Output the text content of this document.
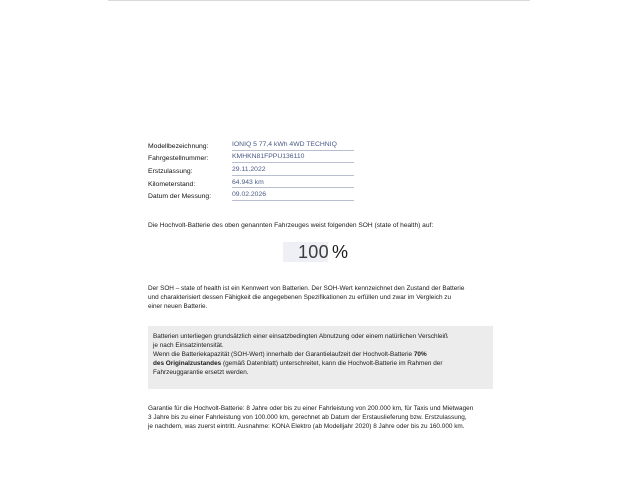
Modellbezeichnung:	IONIQ 5 77,4 kWh 4WD TECHNIQ
Fahrgestellnummer:	KMHKN81FPPU136110
Erstzulassung:	29.11.2022
Kilometerstand:	64.943 km
Datum der Messung:	09.02.2026
Die Hochvolt-Batterie des oben genannten Fahrzeuges weist folgenden SOH (state of health) auf:
100 %
Der SOH – state of health ist ein Kennwert von Batterien. Der SOH-Wert kennzeichnet den Zustand der Batterie
und charakterisiert dessen Fähigkeit die angegebenen Spezifikationen zu erfüllen und zwar im Vergleich zu
einer neuen Batterie.
Batterien unterliegen grundsätzlich einer einsatzbedingten Abnutzung oder einem natürlichen Verschleiß
je nach Einsatzintensität.
Wenn die Batteriekapazität (SOH-Wert) innerhalb der Garantielaufzeit der Hochvolt-Batterie 70%
des Originalzustandes (gemäß Datenblatt) unterschreitet, kann die Hochvolt-Batterie im Rahmen der
Fahrzeuggarantie ersetzt werden.
Garantie für die Hochvolt-Batterie: 8 Jahre oder bis zu einer Fahrleistung von 200.000 km, für Taxis und Mietwagen
3 Jahre bis zu einer Fahrleistung von 100.000 km, gerechnet ab Datum der Erstauslieferung bzw. Erstzulassung,
je nachdem, was zuerst eintritt. Ausnahme: KONA Elektro (ab Modelljahr 2020) 8 Jahre oder bis zu 160.000 km.
